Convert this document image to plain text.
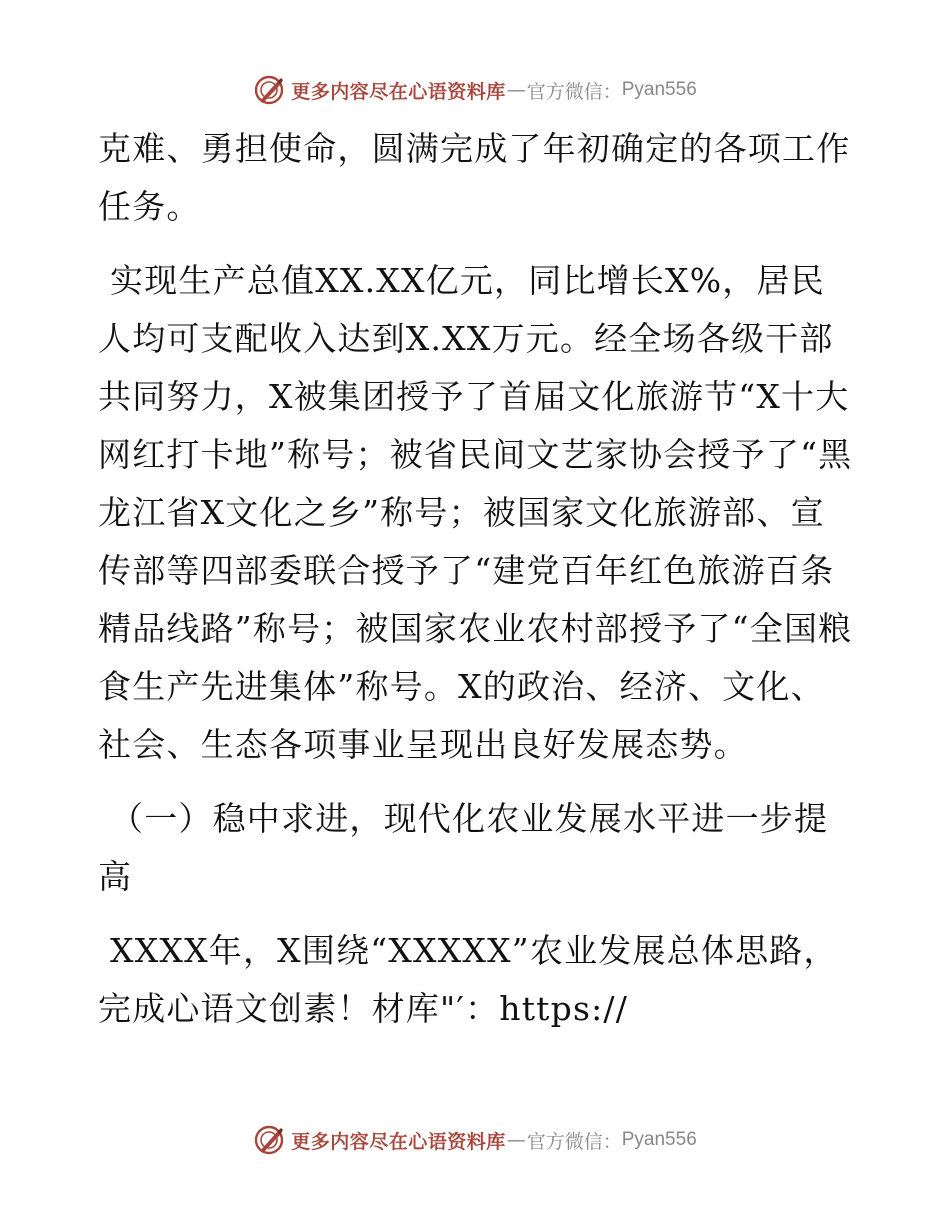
更多内容尽在心语资料库 — 官方微信： Pyan556

克难、勇担使命，圆满完成了年初确定的各项工作任务。

实现生产总值XX.XX亿元，同比增长X%，居民人均可支配收入达到X.XX万元。经全场各级干部共同努力，X被集团授予了首届文化旅游节“X十大网红打卡地”称号；被省民间文艺家协会授予了“黑龙江省X文化之乡”称号；被国家文化旅游部、宣传部等四部委联合授予了“建党百年红色旅游百条精品线路”称号；被国家农业农村部授予了“全国粮食生产先进集体”称号。X的政治、经济、文化、社会、生态各项事业呈现出良好发展态势。

（一）稳中求进，现代化农业发展水平进一步提高

XXXX年，X围绕“XXXXX”农业发展总体思路，完成心语文创素！材库"′：https://

更多内容尽在心语资料库 — 官方微信： Pyan556
